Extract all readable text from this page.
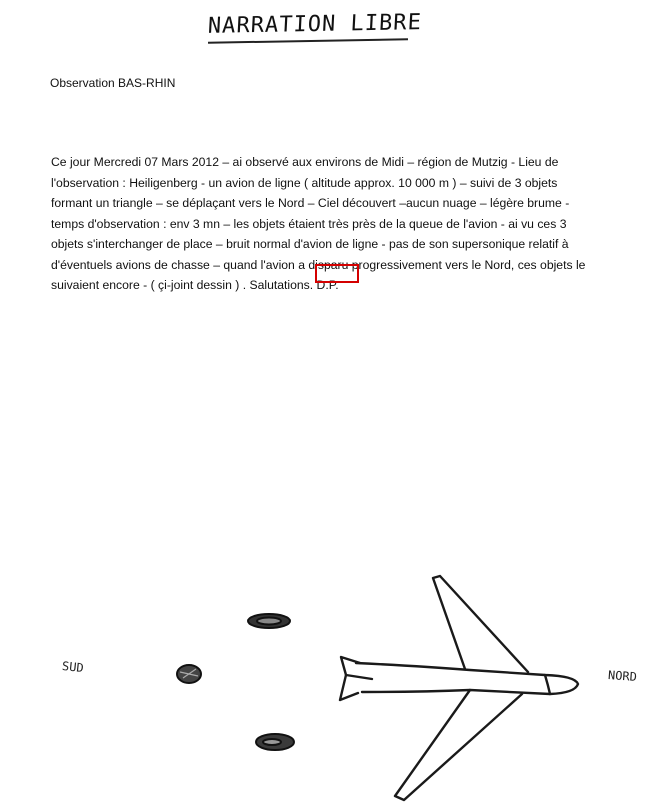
NARRATION LIBRE
Observation BAS-RHIN

Ce jour Mercredi 07 Mars 2012 – ai observé aux environs de Midi – région de Mutzig - Lieu de
l'observation : Heiligenberg - un avion de ligne ( altitude approx. 10 000 m ) – suivi de 3 objets
formant un triangle – se déplaçant vers le Nord – Ciel découvert –aucun nuage – légère brume -
temps d'observation : env 3 mn – les objets étaient très près de la queue de l'avion - ai vu ces 3
objets s'interchanger de place – bruit normal d'avion de ligne - pas de son supersonique relatif à
d'éventuels avions de chasse – quand l'avion a disparu progressivement vers le Nord, ces objets le
suivaient encore - ( çi-joint dessin ) . Salutations. D.P.

SUD
NORD
